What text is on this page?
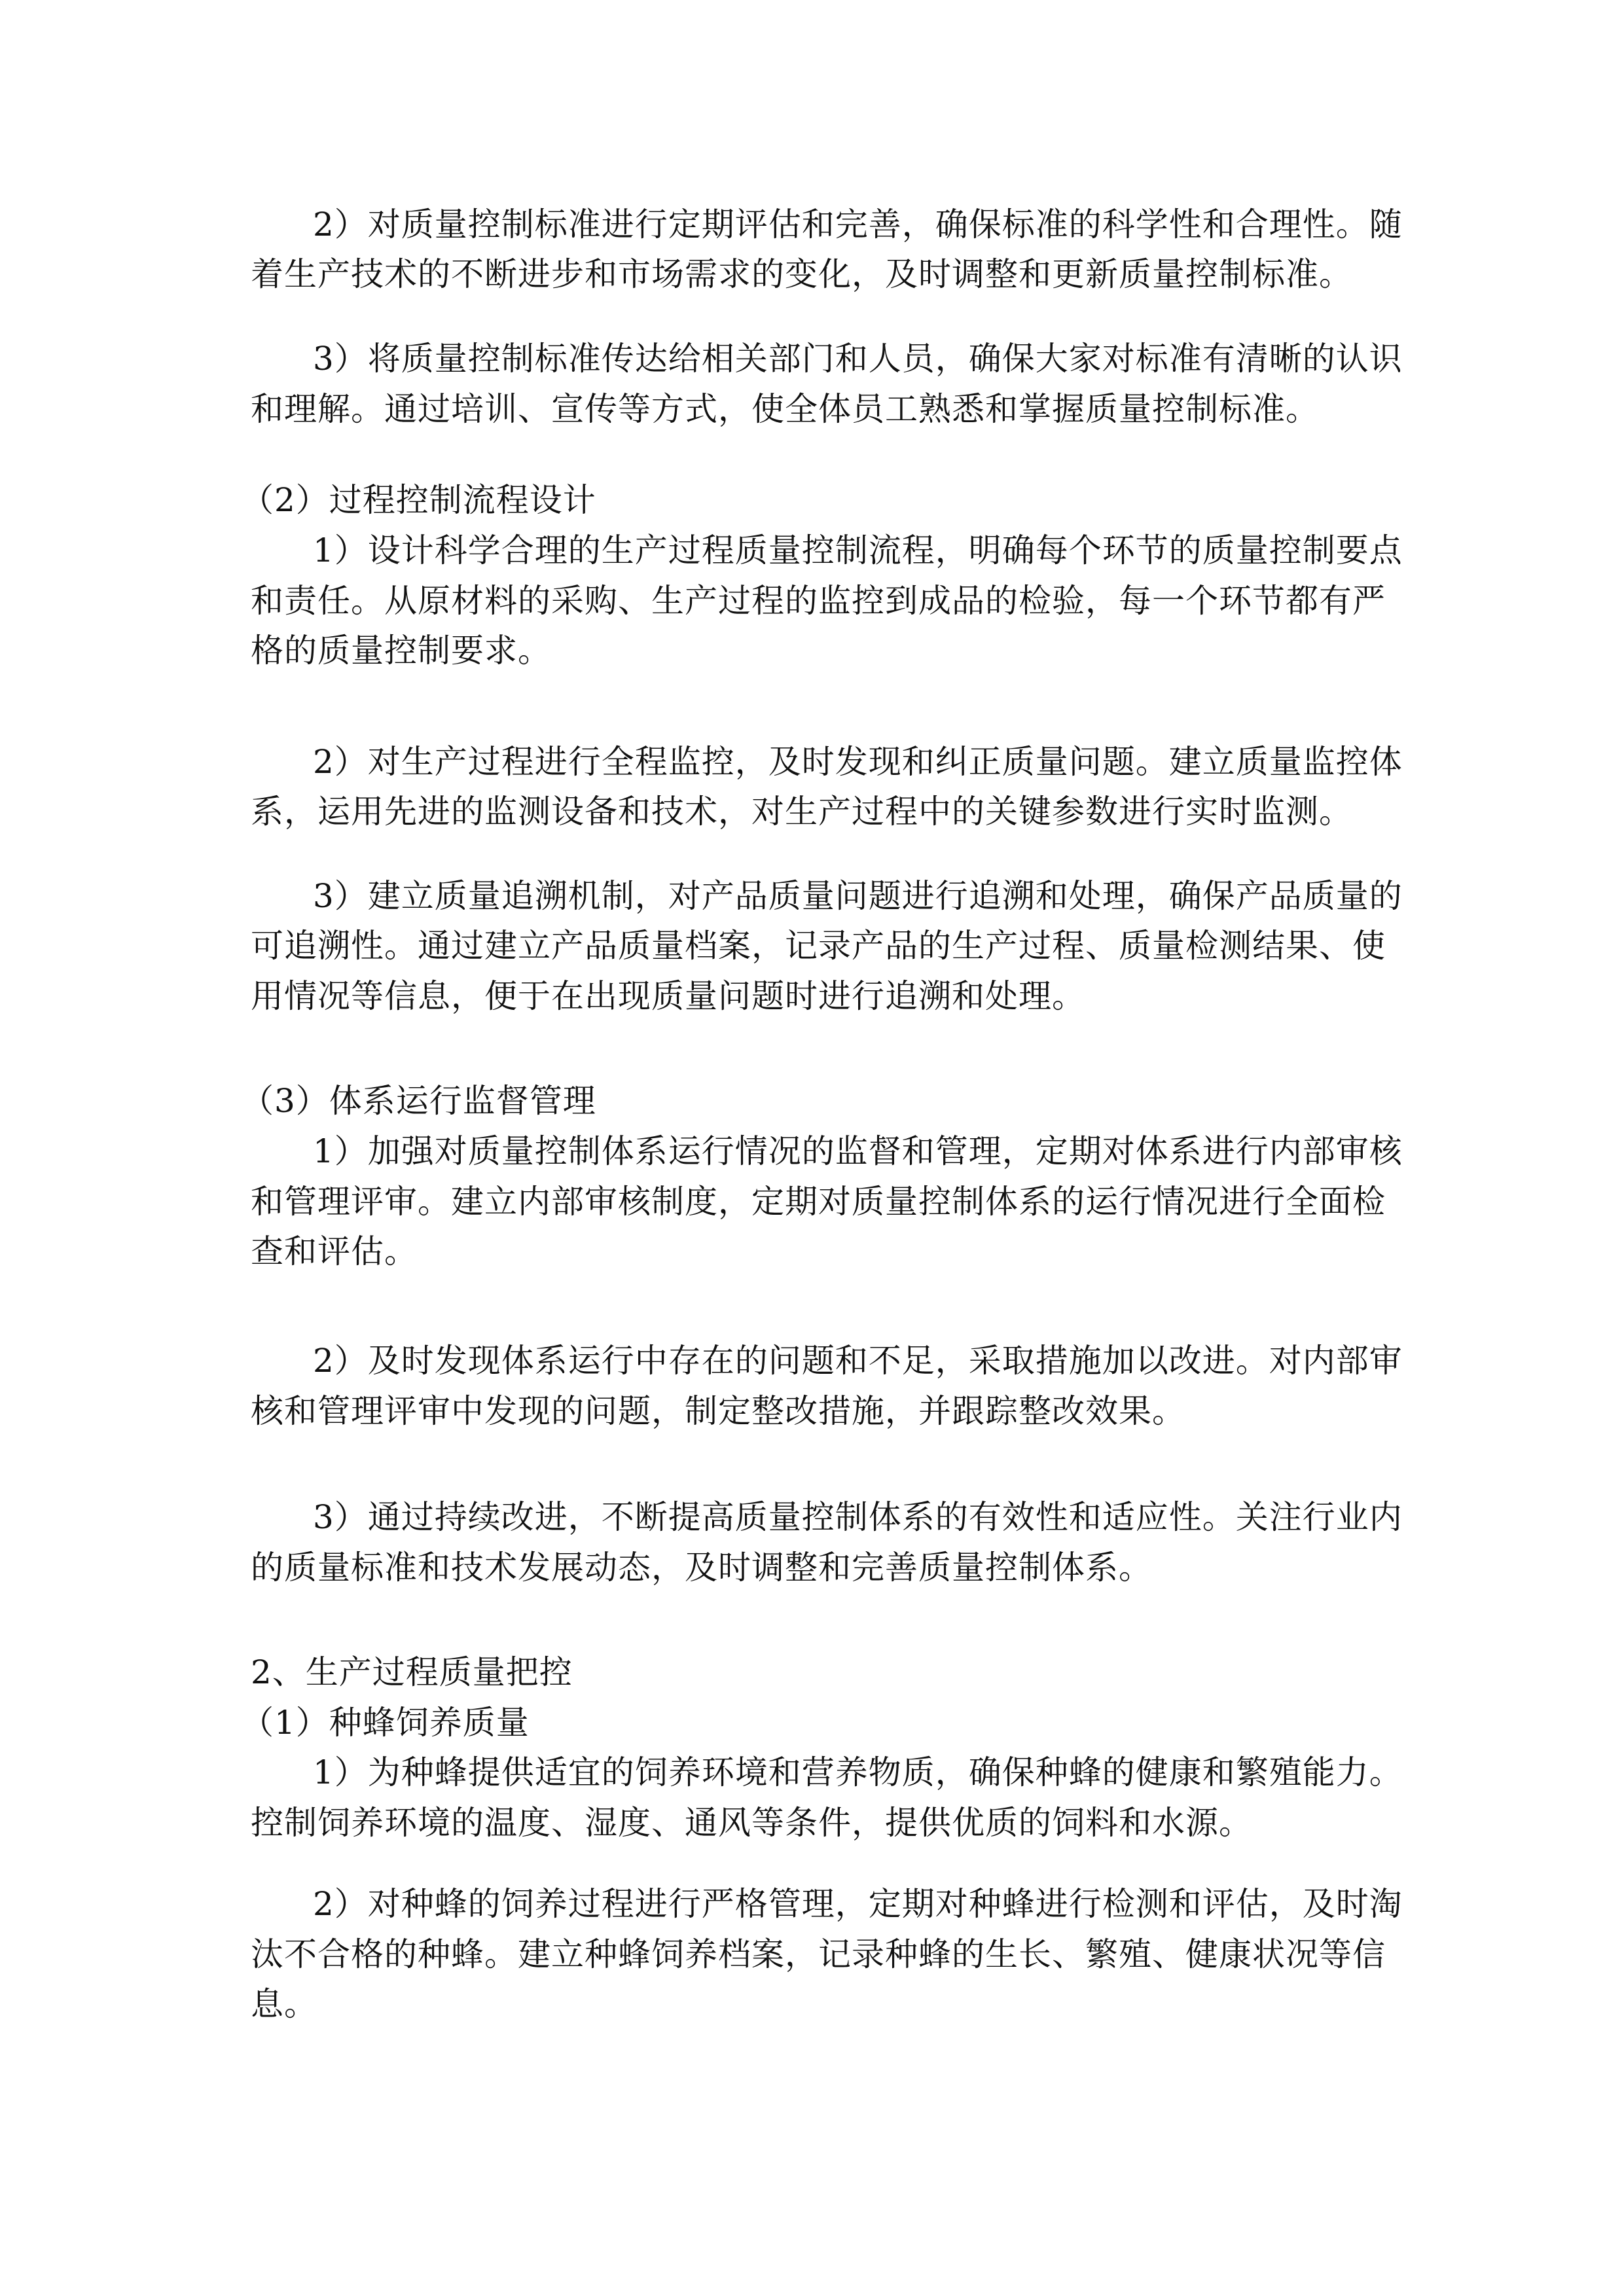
2）对质量控制标准进行定期评估和完善，确保标准的科学性和合理性。随
着生产技术的不断进步和市场需求的变化，及时调整和更新质量控制标准。
3）将质量控制标准传达给相关部门和人员，确保大家对标准有清晰的认识
和理解。通过培训、宣传等方式，使全体员工熟悉和掌握质量控制标准。
（2）过程控制流程设计
1）设计科学合理的生产过程质量控制流程，明确每个环节的质量控制要点
和责任。从原材料的采购、生产过程的监控到成品的检验，每一个环节都有严
格的质量控制要求。
2）对生产过程进行全程监控，及时发现和纠正质量问题。建立质量监控体
系，运用先进的监测设备和技术，对生产过程中的关键参数进行实时监测。
3）建立质量追溯机制，对产品质量问题进行追溯和处理，确保产品质量的
可追溯性。通过建立产品质量档案，记录产品的生产过程、质量检测结果、使
用情况等信息，便于在出现质量问题时进行追溯和处理。
（3）体系运行监督管理
1）加强对质量控制体系运行情况的监督和管理，定期对体系进行内部审核
和管理评审。建立内部审核制度，定期对质量控制体系的运行情况进行全面检
查和评估。
2）及时发现体系运行中存在的问题和不足，采取措施加以改进。对内部审
核和管理评审中发现的问题，制定整改措施，并跟踪整改效果。
3）通过持续改进，不断提高质量控制体系的有效性和适应性。关注行业内
的质量标准和技术发展动态，及时调整和完善质量控制体系。
2、生产过程质量把控
（1）种蜂饲养质量
1）为种蜂提供适宜的饲养环境和营养物质，确保种蜂的健康和繁殖能力。
控制饲养环境的温度、湿度、通风等条件，提供优质的饲料和水源。
2）对种蜂的饲养过程进行严格管理，定期对种蜂进行检测和评估，及时淘
汰不合格的种蜂。建立种蜂饲养档案，记录种蜂的生长、繁殖、健康状况等信
息。
